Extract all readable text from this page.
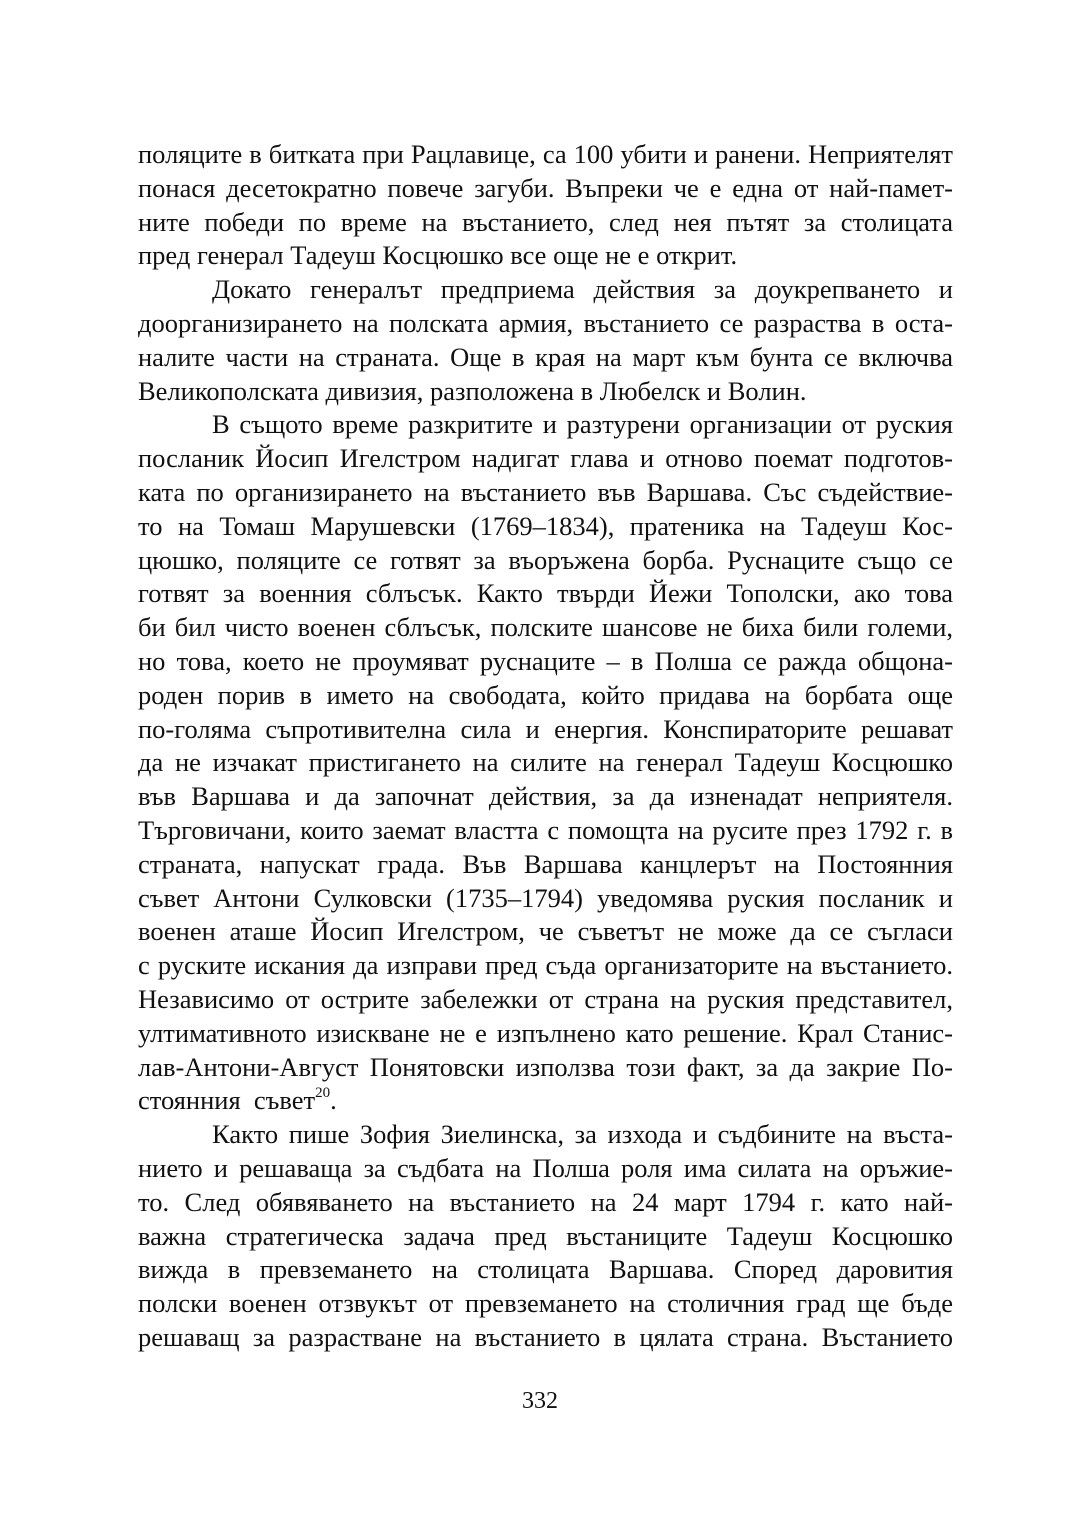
поляците в битката при Рацлавице, са 100 убити и ранени. Неприятелят
понася десетократно повече загуби. Въпреки че е една от най-памет-
ните победи по време на въстанието, след нея пътят за столицата
пред генерал Тадеуш Косцюшко все още не е открит.
Докато генералът предприема действия за доукрепването и
доорганизирането на полската армия, въстанието се разраства в оста-
налите части на страната. Още в края на март към бунта се включва
Великополската дивизия, разположена в Любелск и Волин.
В същото време разкритите и разтурени организации от руския
посланик Йосип Игелстром надигат глава и отново поемат подготов-
ката по организирането на въстанието във Варшава. Със съдействие-
то на Томаш Марушевски (1769–1834), пратеника на Тадеуш Кос-
цюшко, поляците се готвят за въоръжена борба. Руснаците също се
готвят за военния сблъсък. Както твърди Йежи Тополски, ако това
би бил чисто военен сблъсък, полските шансове не биха били големи,
но това, което не проумяват руснаците – в Полша се ражда общона-
роден порив в името на свободата, който придава на борбата още
по-голяма съпротивителна сила и енергия. Конспираторите решават
да не изчакат пристигането на силите на генерал Тадеуш Косцюшко
във Варшава и да започнат действия, за да изненадат неприятеля.
Търговичани, които заемат властта с помощта на русите през 1792 г. в
страната, напускат града. Във Варшава канцлерът на Постоянния
съвет Антони Сулковски (1735–1794) уведомява руския посланик и
военен аташе Йосип Игелстром, че съветът не може да се съгласи
с руските искания да изправи пред съда организаторите на въстанието.
Независимо от острите забележки от страна на руския представител,
ултимативното изискване не е изпълнено като решение. Крал Станис-
лав-Антони-Август Понятовски използва този факт, за да закрие По-
стоянния  съвет$^{20}$.
Както пише Зофия Зиелинска, за изхода и съдбините на въста-
нието и решаваща за съдбата на Полша роля има силата на оръжие-
то. След обявяването на въстанието на 24 март 1794 г. като най-
важна стратегическа задача пред въстаниците Тадеуш Косцюшко
вижда в превземането на столицата Варшава. Според даровития
полски военен отзвукът от превземането на столичния град ще бъде
решаващ за разрастване на въстанието в цялата страна. Въстанието
332
